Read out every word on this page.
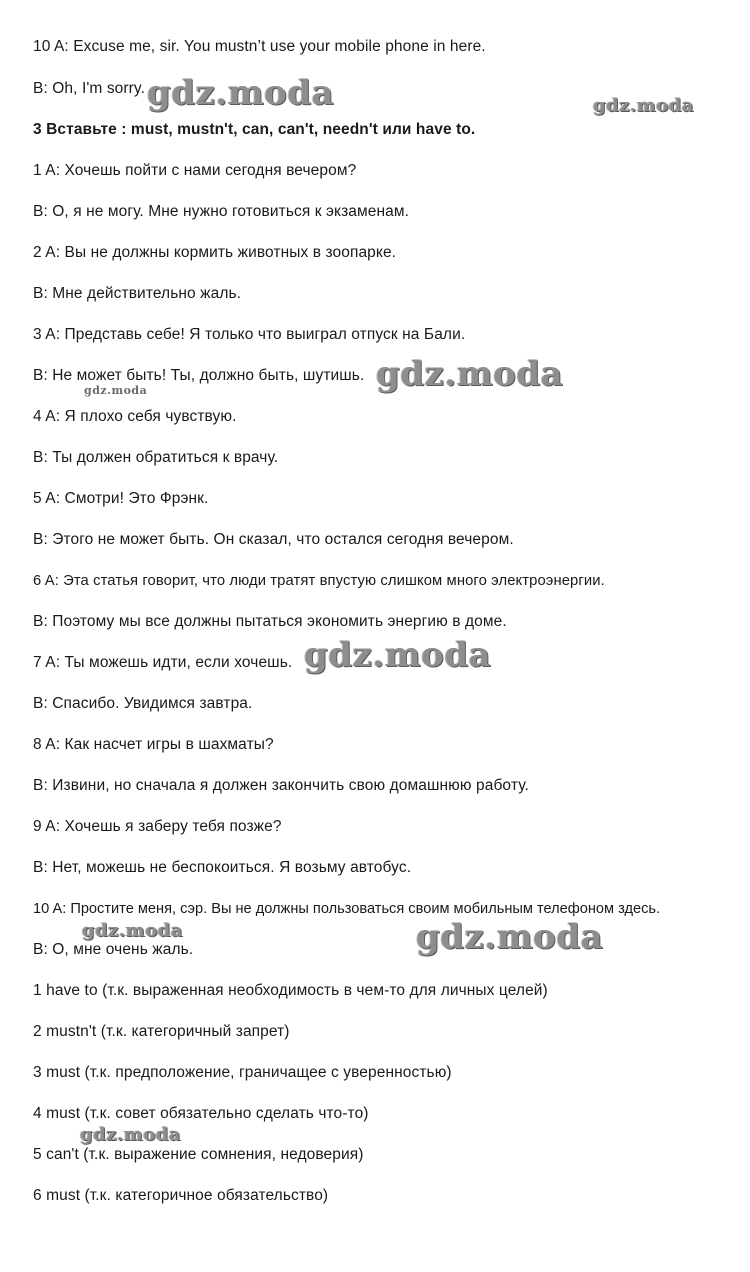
10 A: Excuse me, sir. You mustn’t use your mobile phone in here.
B: Oh, I'm sorry.
3 Вставьте : must, mustn't, can, can't, needn't или have to.
1 A: Хочешь пойти с нами сегодня вечером?
B: О, я не могу. Мне нужно готовиться к экзаменам.
2 A: Вы не должны кормить животных в зоопарке.
B: Мне действительно жаль.
3 A: Представь себе! Я только что выиграл отпуск на Бали.
B: Не может быть! Ты, должно быть, шутишь.
4 A: Я плохо себя чувствую.
B: Ты должен обратиться к врачу.
5 A: Смотри! Это Фрэнк.
B: Этого не может быть. Он сказал, что остался сегодня вечером.
6 A: Эта статья говорит, что люди тратят впустую слишком много электроэнергии.
B: Поэтому мы все должны пытаться экономить энергию в доме.
7 A: Ты можешь идти, если хочешь.
B: Спасибо. Увидимся завтра.
8 A: Как насчет игры в шахматы?
B: Извини, но сначала я должен закончить свою домашнюю работу.
9 A: Хочешь я заберу тебя позже?
B: Нет, можешь не беспокоиться. Я возьму автобус.
10 A: Простите меня, сэр. Вы не должны пользоваться своим мобильным телефоном здесь.
B: О, мне очень жаль.
1 have to (т.к. выраженная необходимость в чем-то для личных целей)
2 mustn't (т.к. категоричный запрет)
3 must (т.к. предположение, граничащее с уверенностью)
4 must (т.к. совет обязательно сделать что-то)
5 can't (т.к. выражение сомнения, недоверия)
6 must (т.к. категоричное обязательство)
gdz.moda	gdz.moda
gdz.moda
gdz.moda
gdz.moda
gdz.moda	gdz.moda
gdz.moda
